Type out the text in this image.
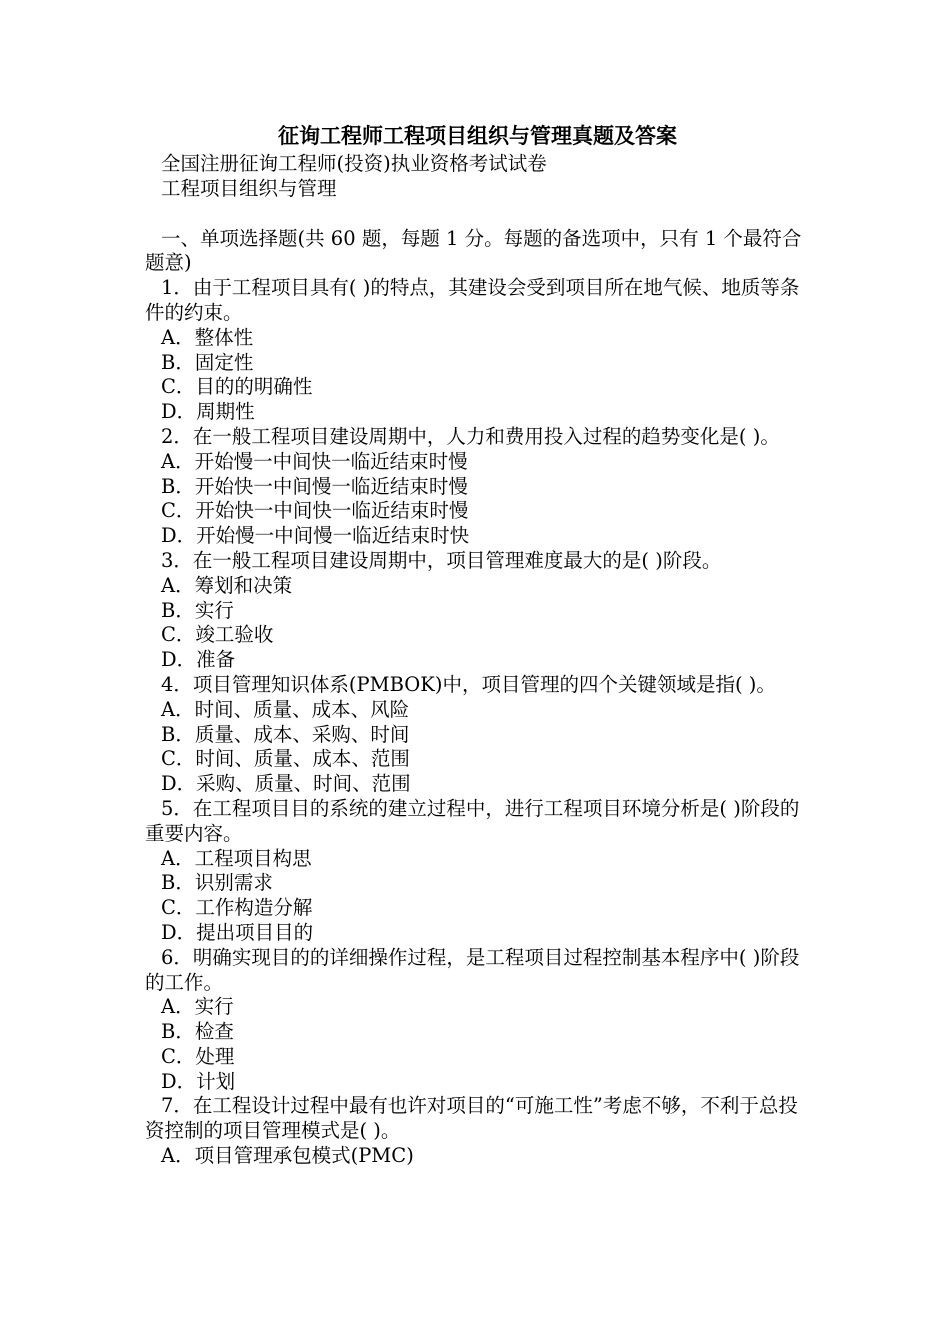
征询工程师工程项目组织与管理真题及答案

全国注册征询工程师(投资)执业资格考试试卷

工程项目组织与管理

一、单项选择题(共 60 题，每题 1 分。每题的备选项中，只有 1 个最符合题意)

1．由于工程项目具有( )的特点，其建设会受到项目所在地气候、地质等条件的约束。

A．整体性

B．固定性

C．目的的明确性

D．周期性

2．在一般工程项目建设周期中，人力和费用投入过程的趋势变化是( )。

A．开始慢一中间快一临近结束时慢

B．开始快一中间慢一临近结束时慢

C．开始快一中间快一临近结束时慢

D．开始慢一中间慢一临近结束时快

3．在一般工程项目建设周期中，项目管理难度最大的是( )阶段。

A．筹划和决策

B．实行

C．竣工验收

D．准备

4．项目管理知识体系(PMBOK)中，项目管理的四个关键领域是指( )。

A．时间、质量、成本、风险

B．质量、成本、采购、时间

C．时间、质量、成本、范围

D．采购、质量、时间、范围

5．在工程项目目的系统的建立过程中，进行工程项目环境分析是( )阶段的重要内容。

A．工程项目构思

B．识别需求

C．工作构造分解

D．提出项目目的

6．明确实现目的的详细操作过程，是工程项目过程控制基本程序中( )阶段的工作。

A．实行

B．检查

C．处理

D．计划

7．在工程设计过程中最有也许对项目的“可施工性”考虑不够，不利于总投资控制的项目管理模式是( )。

A．项目管理承包模式(PMC)
